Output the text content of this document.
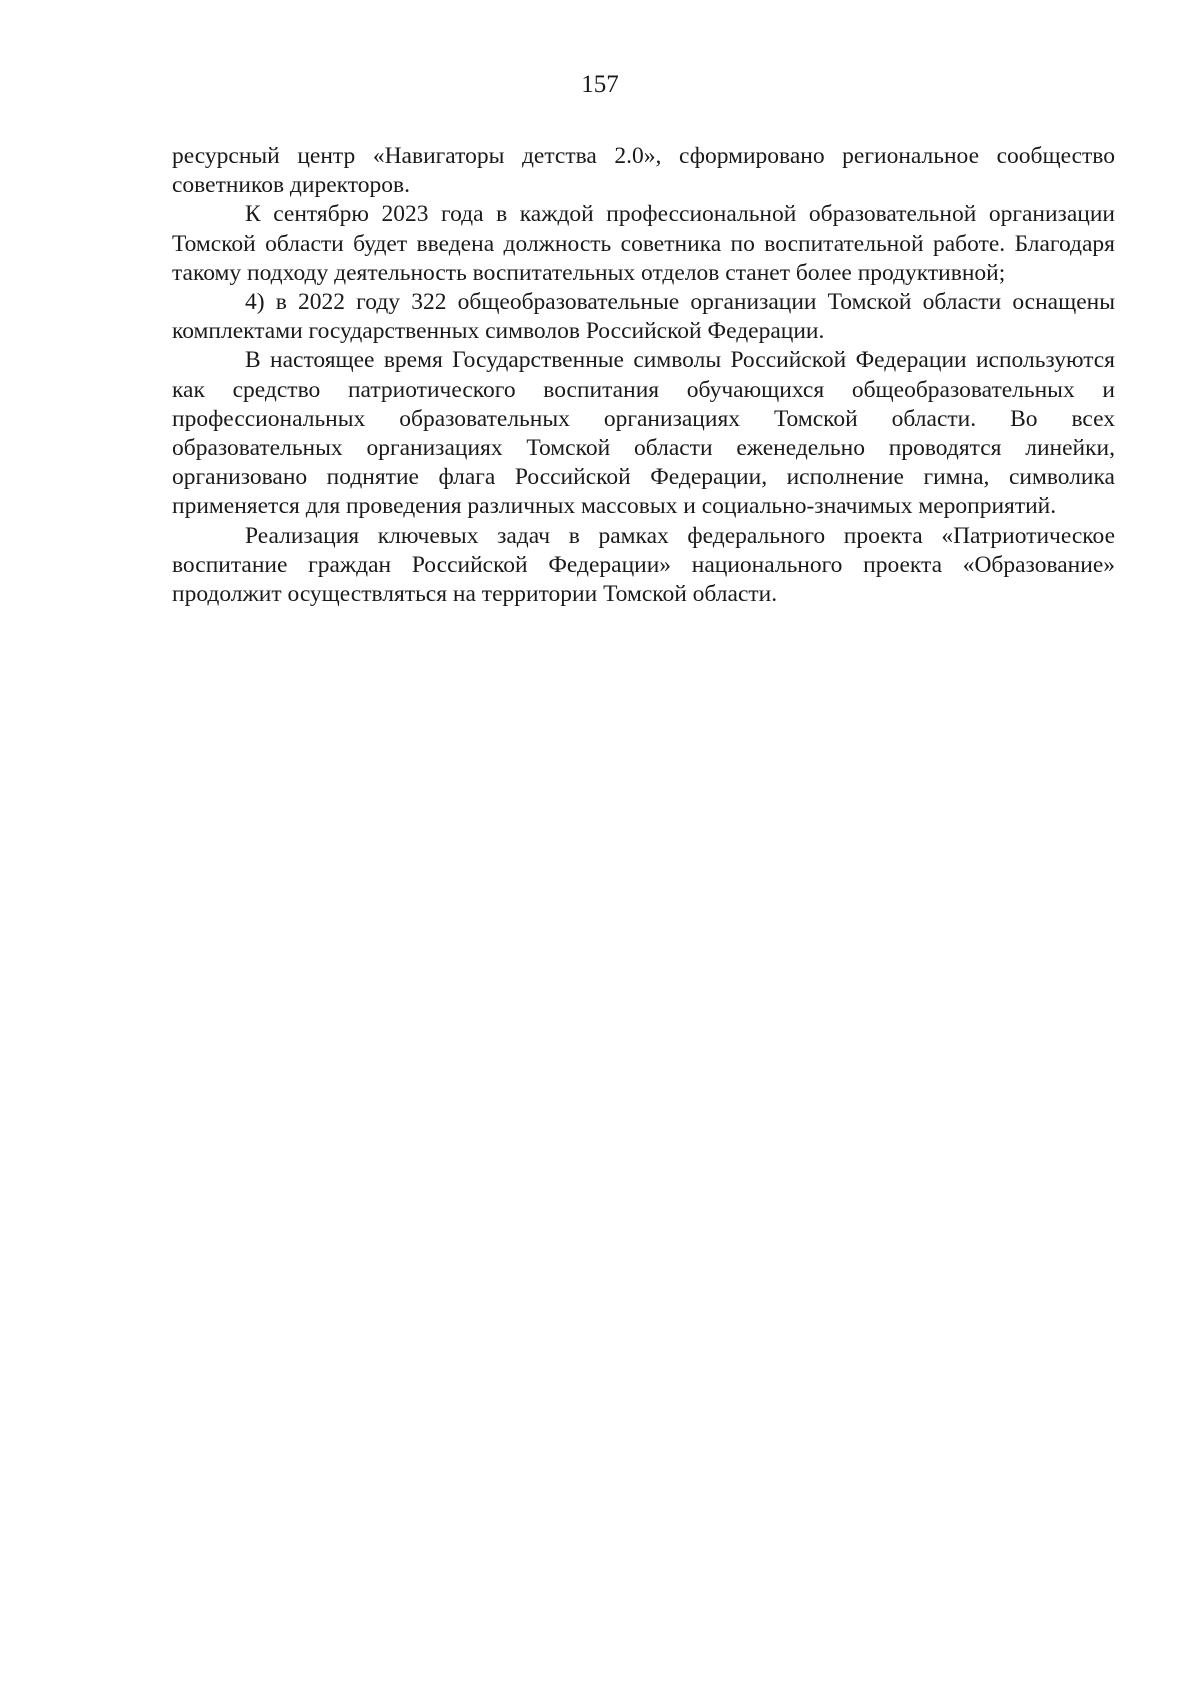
157

ресурсный центр «Навигаторы детства 2.0», сформировано региональное сообщество советников директоров.

К сентябрю 2023 года в каждой профессиональной образовательной организации Томской области будет введена должность советника по воспитательной работе. Благодаря такому подходу деятельность воспитательных отделов станет более продуктивной;

4) в 2022 году 322 общеобразовательные организации Томской области оснащены комплектами государственных символов Российской Федерации.

В настоящее время Государственные символы Российской Федерации используются как средство патриотического воспитания обучающихся общеобразовательных и профессиональных образовательных организациях Томской области. Во всех образовательных организациях Томской области еженедельно проводятся линейки, организовано поднятие флага Российской Федерации, исполнение гимна, символика применяется для проведения различных массовых и социально-значимых мероприятий.

Реализация ключевых задач в рамках федерального проекта «Патриотическое воспитание граждан Российской Федерации» национального проекта «Образование» продолжит осуществляться на территории Томской области.
